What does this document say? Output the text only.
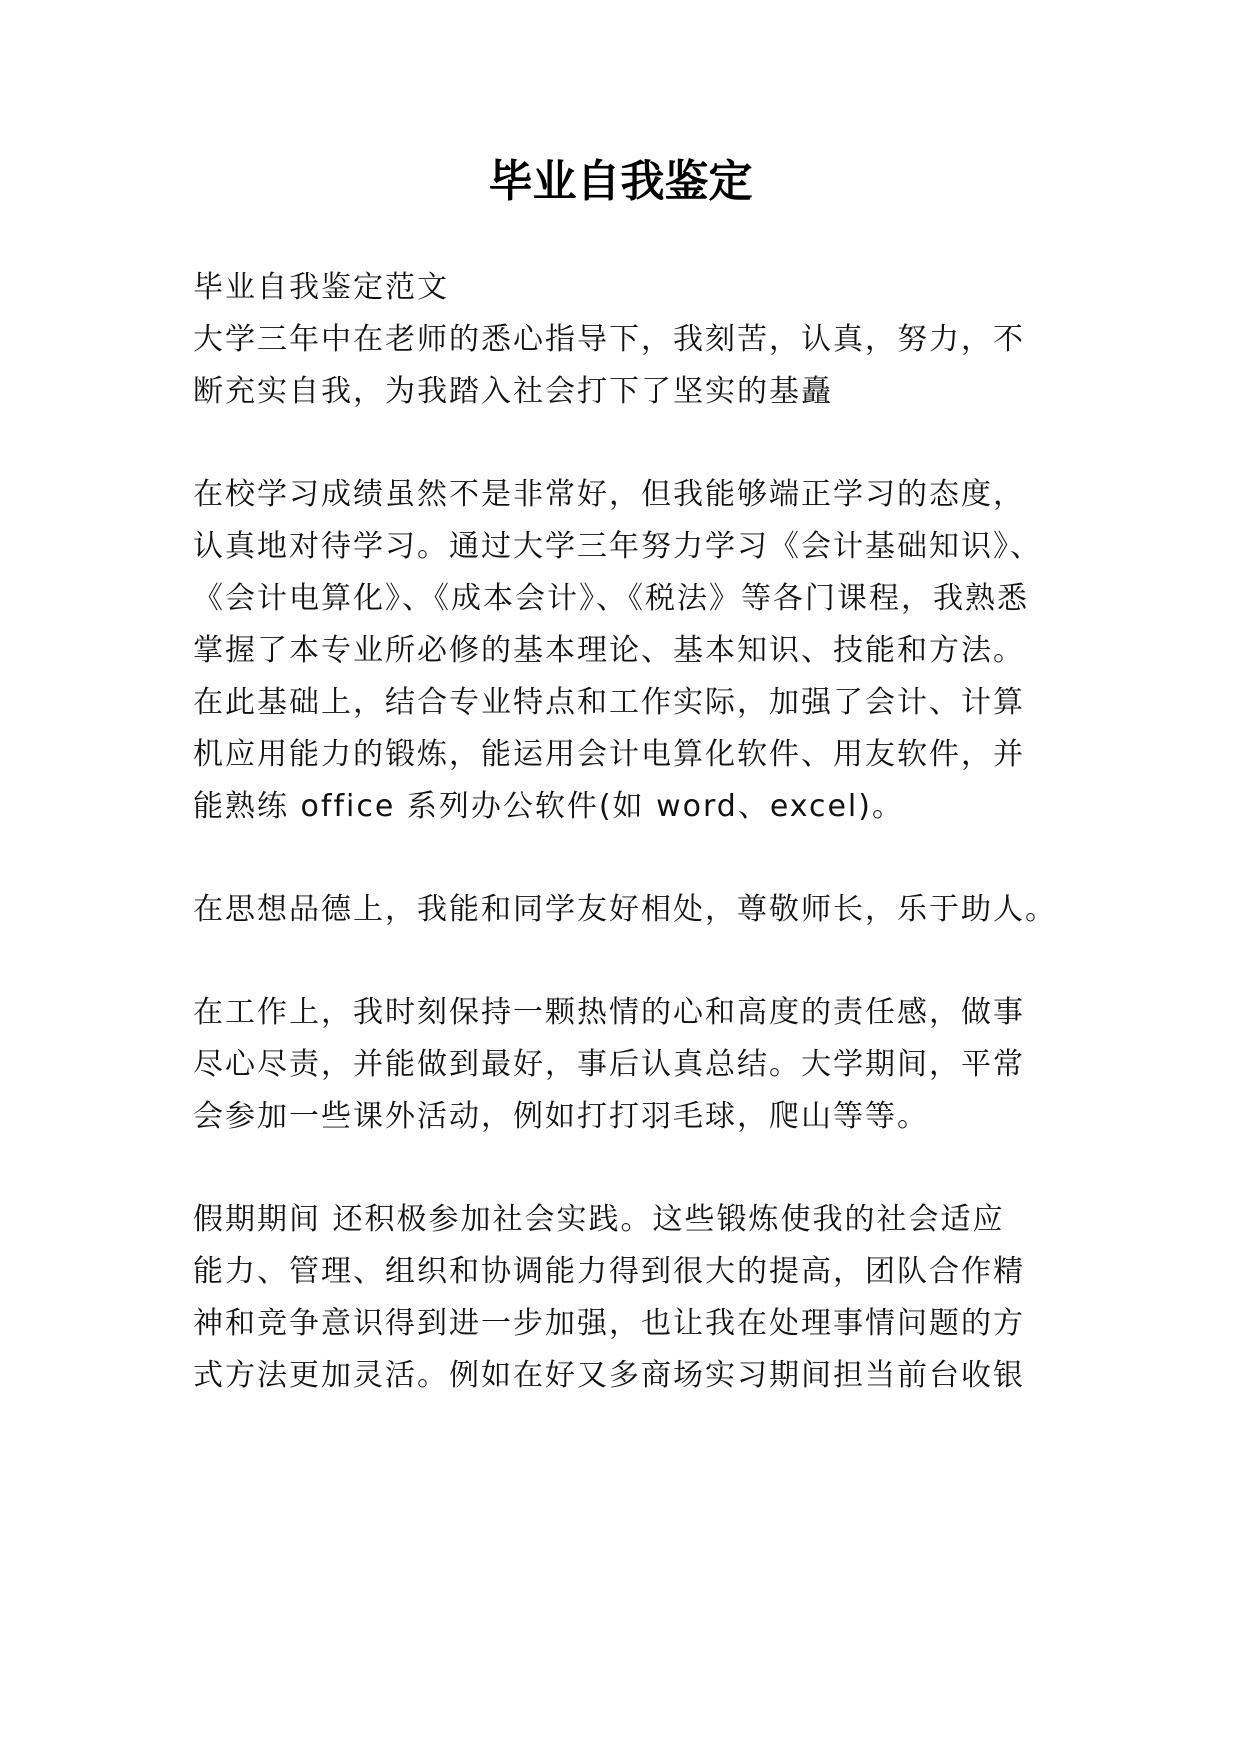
毕业自我鉴定
毕业自我鉴定范文
大学三年中在老师的悉心指导下，我刻苦，认真，努力，不
断充实自我，为我踏入社会打下了坚实的基矗
在校学习成绩虽然不是非常好，但我能够端正学习的态度，
认真地对待学习。通过大学三年努力学习《会计基础知识》、
《会计电算化》、《成本会计》、《税法》等各门课程，我熟悉
掌握了本专业所必修的基本理论、基本知识、技能和方法。
在此基础上，结合专业特点和工作实际，加强了会计、计算
机应用能力的锻炼，能运用会计电算化软件、用友软件，并
能熟练 office 系列办公软件(如 word、excel)。
在思想品德上，我能和同学友好相处，尊敬师长，乐于助人。
在工作上，我时刻保持一颗热情的心和高度的责任感，做事
尽心尽责，并能做到最好，事后认真总结。大学期间，平常
会参加一些课外活动，例如打打羽毛球，爬山等等。
假期期间 还积极参加社会实践。这些锻炼使我的社会适应
能力、管理、组织和协调能力得到很大的提高，团队合作精
神和竞争意识得到进一步加强，也让我在处理事情问题的方
式方法更加灵活。例如在好又多商场实习期间担当前台收银
